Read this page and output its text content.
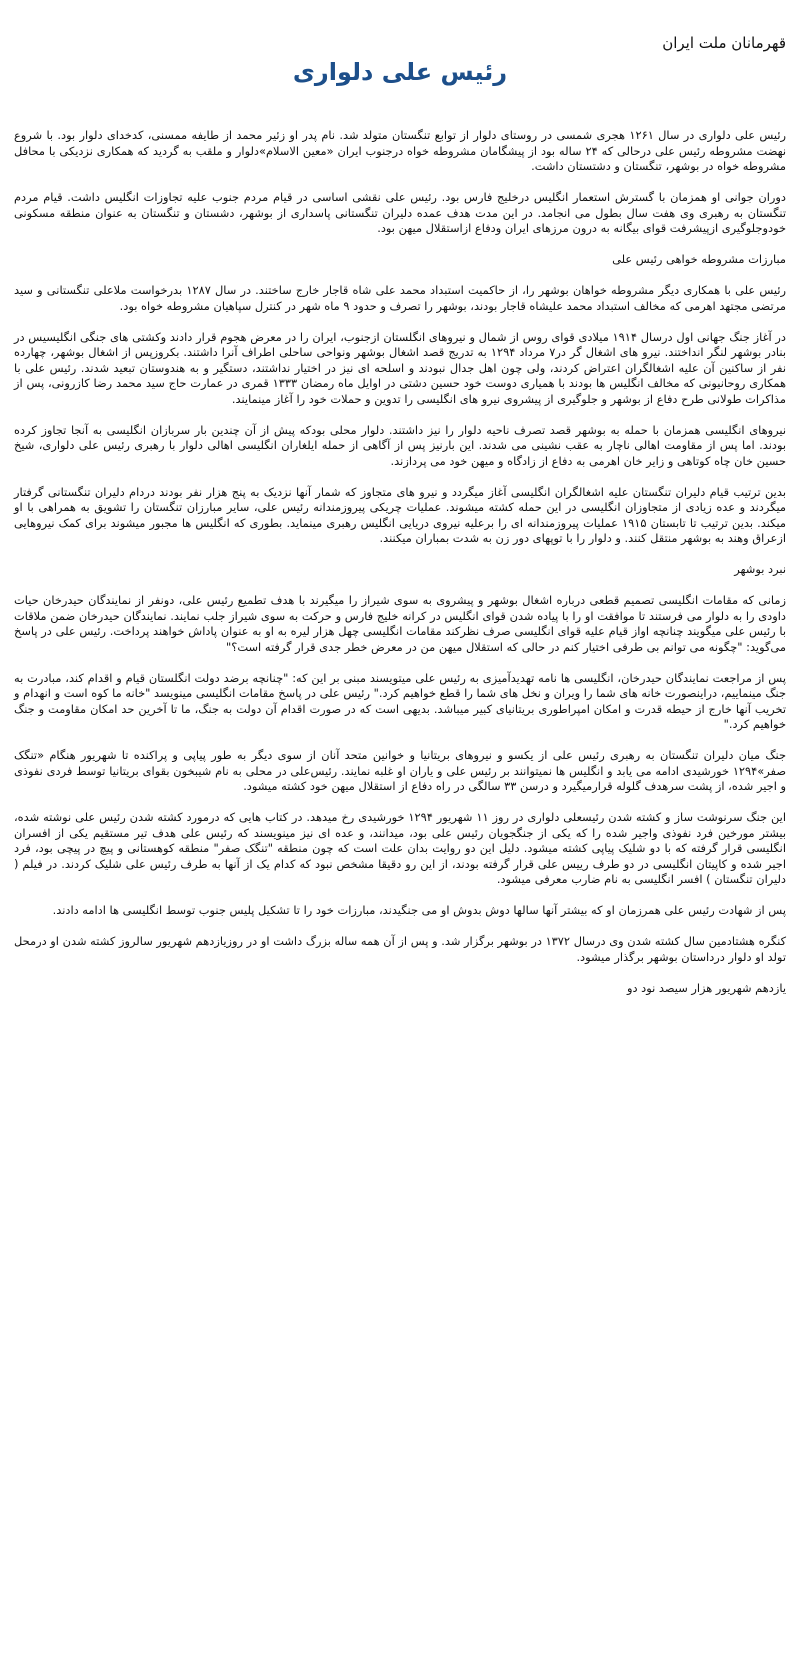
قهرمانان ملت ایران
رئیس علی دلواری

رئیس علی دلواری در سال ۱۲۶۱ هجری شمسی در روستای دلوار از توابع تنگستان متولد شد. نام پدر او زئیر محمد از طایفه ممسنی، کدخدای دلوار بود. با شروع نهضت مشروطه رئیس علی درحالی که ۲۴ ساله بود از پیشگامان مشروطه خواه درجنوب ایران «معین الاسلام»دلوار و ملقب به گردید که همکاری نزدیکی با محافل مشروطه خواه در بوشهر، تنگستان و دشتستان داشت.

دوران جوانی او همزمان با گسترش استعمار انگلیس درخلیج فارس بود. رئیس علی نقشی اساسی در قیام مردم جنوب علیه تجاوزات انگلیس داشت. قیام مردم تنگستان به رهبری وی هفت سال بطول می انجامد. در این مدت هدف عمده دلیران تنگستانی پاسداری از بوشهر، دشستان و تنگستان به عنوان منطقه مسکونی خودوجلوگیری ازپیشرفت قوای بیگانه به درون مرزهای ایران ودفاع ازاستقلال میهن بود.

مبارزات مشروطه خواهی رئیس علی

رئیس علی با همکاری دیگر مشروطه خواهان بوشهر را، از حاکمیت استبداد محمد علی شاه قاجار خارج ساختند. در سال ۱۲۸۷ بدرخواست ملاعلی تنگستانی و سید مرتضی مجتهد اهرمی که مخالف استبداد محمد علیشاه قاجار بودند، بوشهر را تصرف و حدود ۹ ماه شهر در کنترل سپاهیان مشروطه خواه بود.

در آغاز جنگ جهانی اول درسال ۱۹۱۴ میلادی قوای روس از شمال و نیروهای انگلستان ازجنوب، ایران را در معرض هجوم قرار دادند وکشتی های جنگی انگلیسیس در بنادر بوشهر لنگر انداختند. نیرو های اشغال گر در۷ مرداد ۱۲۹۴ به تدریج قصد اشغال بوشهر ونواحی ساحلی اطراف آنرا داشتند. بکروزپس از اشغال بوشهر، چهارده نفر از ساکنین آن علیه اشغالگران اعتراض کردند، ولی چون اهل جدال نبودند و اسلحه ای نیز در اختیار نداشتند، دستگیر و به هندوستان تبعید شدند. رئیس علی با همکاری روحانیونی که مخالف انگلیس ها بودند با همیاری دوست خود حسین دشتی در اوایل ماه رمضان ۱۳۳۳ قمری در عمارت حاج سید محمد رضا کازرونی، پس از مذاکرات طولانی طرح دفاع از بوشهر و جلوگیری از پیشروی نیرو های انگلیسی را تدوین و حملات خود را آغاز مینمایند.

نیروهای انگلیسی همزمان با حمله به بوشهر قصد تصرف ناحیه دلوار را نیز داشتند. دلوار محلی بودکه پیش از آن چندین بار سربازان انگلیسی به آنجا تجاوز کرده بودند. اما پس از مقاومت اهالی ناچار به عقب نشینی می شدند. این بارنیز پس از آگاهی از حمله ایلغاران انگلیسی اهالی دلوار با رهبری رئیس علی دلواری، شیخ حسین خان چاه کوتاهی و زایر خان اهرمی به دفاع از زادگاه و میهن خود می پردازند.

بدین ترتیب قیام دلیران تنگستان علیه اشغالگران انگلیسی آغاز میگردد و نیرو های متجاوز که شمار آنها نزدیک به پنج هزار نفر بودند دردام دلیران تنگستانی گرفتار میگردند و عده زیادی از متجاوزان انگلیسی در این حمله کشته میشوند. عملیات چریکی پیروزمندانه رئیس علی، سایر مبارزان تنگستان را تشویق به همراهی با او میکند. بدین ترتیب تا تابستان ۱۹۱۵ عملیات پیروزمندانه ای را برعلیه نیروی دریایی انگلیس رهبری مینماید. بطوری که انگلیس ها مجبور میشوند برای کمک نیروهایی ازعراق وهند به بوشهر منتقل کنند. و دلوار را با توپهای دور زن به شدت بمباران میکنند.

نبرد بوشهر

زمانی که مقامات انگلیسی تصمیم قطعی درباره اشغال بوشهر و پیشروی به سوی شیراز را میگیرند با هدف تطمیع رئیس علی، دونفر از نمایندگان حیدرخان حیات داودی را به دلوار می فرستند تا موافقت او را با پیاده شدن قوای انگلیس در کرانه خلیج فارس و حرکت به سوی شیراز جلب نمایند. نمایندگان حیدرخان ضمن ملاقات با رئیس علی میگویند چنانچه اواز قیام علیه قوای انگلیسی صرف نظرکند مقامات انگلیسی چهل هزار لیره به او به عنوان پاداش خواهند پرداخت. رئیس علی در پاسخ می‌گوید: "چگونه می توانم بی طرفی اختیار کنم در حالی که استقلال میهن من در معرض خطر جدی قرار گرفته است؟"

پس از مراجعت نمایندگان حیدرخان، انگلیسی ها نامه تهدیدآمیزی به رئیس علی میتویسند مبنی بر این که: "چنانچه برضد دولت انگلستان قیام و اقدام کند، مبادرت به جنگ مینماییم، دراینصورت خانه های شما را ویران و نخل های شما را قطع خواهیم کرد." رئیس علی در پاسخ مقامات انگلیسی مینویسد "خانه ما کوه است و انهدام و تخریب آنها خارج از حیطه قدرت و امکان امپراطوری بریتانیای کبیر میباشد. بدیهی است که در صورت اقدام آن دولت به جنگ، ما تا آخرین حد امکان مقاومت و جنگ خواهیم کرد."

جنگ میان دلیران تنگستان به رهبری رئیس علی از یکسو و نیروهای بریتانیا و خوانین متحد آنان از سوی دیگر به طور پیاپی و پراکنده تا شهریور هنگام «تنگک صفر»۱۲۹۴ خورشیدی ادامه می یابد و انگلیس ها نمیتوانند بر رئیس علی و یاران او غلبه نمایند. رئیس‌علی در محلی به نام شیبخون بقوای بریتانیا توسط فردی نفوذی و اجیر شده، از پشت سرهدف گلوله قرارمیگیرد و درسن ۳۳ سالگی در راه دفاع از استقلال میهن خود کشته میشود.

این جنگ سرنوشت ساز و کشته شدن رئیسعلی دلواری در روز ۱۱ شهریور ۱۲۹۴ خورشیدی رخ میدهد. در کتاب هایی که درمورد کشته شدن رئیس علی نوشته شده، بیشتر مورخین فرد نفوذی واجیر شده را که یکی از جنگجویان رئیس علی بود، میدانند، و عده ای نیز مینویسند که رئیس علی هدف تیر مستقیم یکی از افسران انگلیسی قرار گرفته که با دو شلیک پیاپی کشته میشود. دلیل این دو روایت بدان علت است که چون منطقه "تنگک صفر" منطقه کوهستانی و پیچ در پیچی بود، فرد اجیر شده و کاپیتان انگلیسی در دو طرف رییس علی قرار گرفته بودند، از این رو دقیقا مشخص نبود که کدام یک از آنها به طرف رئیس علی شلیک کردند. در فیلم ( دلیران تنگستان ) افسر انگلیسی به نام ضارب معرفی میشود.

پس از شهادت رئیس علی همرزمان او که بیشتر آنها سالها دوش بدوش او می جنگیدند، مبارزات خود را تا تشکیل پلیس جنوب توسط انگلیسی ها ادامه دادند.

کنگره هشتادمین سال کشته شدن وی درسال ۱۳۷۲ در بوشهر برگزار شد. و پس از آن همه ساله بزرگ داشت او در روزیازدهم شهریور سالروز کشته شدن او درمحل تولد او دلوار درداستان بوشهر برگذار میشود.

یازدهم شهریور هزار سیصد نود دو
